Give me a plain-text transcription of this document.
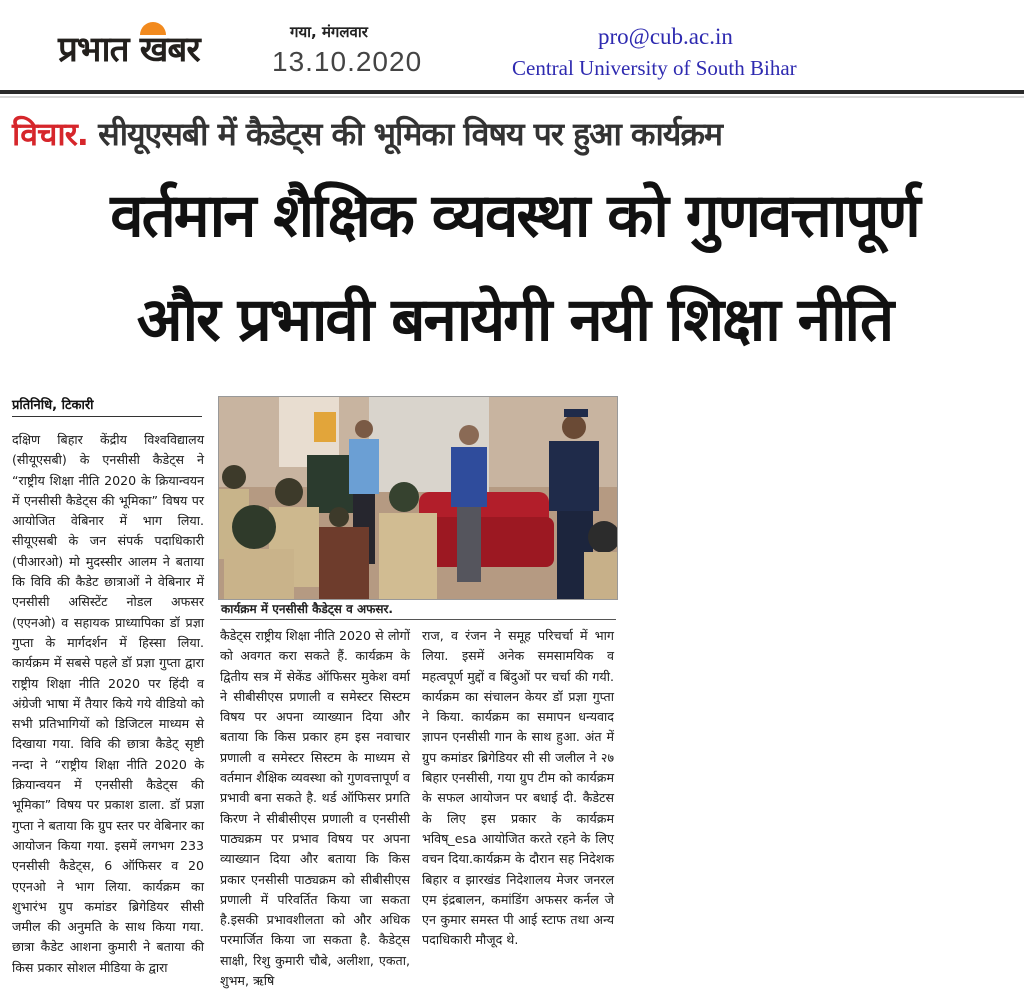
प्रभात खबर	गया, मंगलवार
13.10.2020
pro@cub.ac.in
Central University of South Bihar
विचार. सीयूएसबी में कैडेट्स की भूमिका विषय पर हुआ कार्यक्रम
वर्तमान शैक्षिक व्यवस्था को गुणवत्तापूर्ण
और प्रभावी बनायेगी नयी शिक्षा नीति
प्रतिनिधि, टिकारी
कार्यक्रम में एनसीसी कैडेट्स व अफसर.
दक्षिण बिहार केंद्रीय विश्वविद्यालय (सीयूएसबी) के एनसीसी कैडेट्स ने “राष्ट्रीय शिक्षा नीति 2020 के क्रियान्वयन में एनसीसी कैडेट्स की भूमिका” विषय पर आयोजित वेबिनार में भाग लिया. सीयूएसबी के जन संपर्क पदाधिकारी (पीआरओ) मो मुदस्सीर आलम ने बताया कि विवि की कैडेट छात्राओं ने वेबिनार में एनसीसी असिस्टेंट नोडल अफसर (एएनओ) व सहायक प्राध्यापिका डॉ प्रज्ञा गुप्ता के मार्गदर्शन में हिस्सा लिया. कार्यक्रम में सबसे पहले डॉ प्रज्ञा गुप्ता द्वारा राष्ट्रीय शिक्षा नीति 2020 पर हिंदी व अंग्रेजी भाषा में तैयार किये गये वीडियो को सभी प्रतिभागियों को डिजिटल माध्यम से दिखाया गया. विवि की छात्रा कैडेट् सृष्टी नन्दा ने “राष्ट्रीय शिक्षा नीति 2020 के क्रियान्वयन में एनसीसी कैडेट्स की भूमिका” विषय पर प्रकाश डाला. डॉ प्रज्ञा गुप्ता ने बताया कि ग्रुप स्तर पर वेबिनार का आयोजन किया गया. इसमें लगभग 233 एनसीसी कैडेट्स, 6 ऑफिसर व 20 एएनओ ने भाग लिया. कार्यक्रम का शुभारंभ ग्रुप कमांडर ब्रिगेडियर सीसी जमील की अनुमति के साथ किया गया. छात्रा कैडेट आशना कुमारी ने बताया की किस प्रकार सोशल मीडिया के द्वारा
कैडेट्स राष्ट्रीय शिक्षा नीति 2020 से लोगों को अवगत करा सकते हैं. कार्यक्रम के द्वितीय सत्र में सेकेंड ऑफिसर मुकेश वर्मा ने सीबीसीएस प्रणाली व समेस्टर सिस्टम विषय पर अपना व्याख्यान दिया और बताया कि किस प्रकार हम इस नवाचार प्रणाली व समेस्टर सिस्टम के माध्यम से वर्तमान शैक्षिक व्यवस्था को गुणवत्तापूर्ण व प्रभावी बना सकते है. थर्ड ऑफिसर प्रगति किरण ने सीबीसीएस प्रणाली व एनसीसी पाठ्यक्रम पर प्रभाव विषय पर अपना व्याख्यान दिया और बताया कि किस प्रकार एनसीसी पाठ्यक्रम को सीबीसीएस प्रणाली में परिवर्तित किया जा सकता है.इसकी प्रभावशीलता को और अधिक परमार्जित किया जा सकता है. कैडेट्स साक्षी, रिशु कुमारी चौबे, अलीशा, एकता, शुभम, ऋषि
राज, व रंजन ने समूह परिचर्चा में भाग लिया. इसमें अनेक समसामयिक व महत्वपूर्ण मुद्दों व बिंदुओं पर चर्चा की गयी. कार्यक्रम का संचालन केयर डॉ प्रज्ञा गुप्ता ने किया. कार्यक्रम का समापन धन्यवाद ज्ञापन एनसीसी गान के साथ हुआ. अंत में ग्रुप कमांडर ब्रिगेडियर सी सी जलील ने २७ बिहार एनसीसी, गया ग्रुप टीम को कार्यक्रम के सफल आयोजन पर बधाई दी. कैडेटस के लिए इस प्रकार के कार्यक्रम भविष्_esa आयोजित करते रहने के लिए वचन दिया.कार्यक्रम के दौरान सह निदेशक बिहार व झारखंड निदेशालय मेजर जनरल एम इंद्रबालन, कमांडिंग अफसर कर्नल जे एन कुमार समस्त पी आई स्टाफ तथा अन्य पदाधिकारी मौजूद थे.
